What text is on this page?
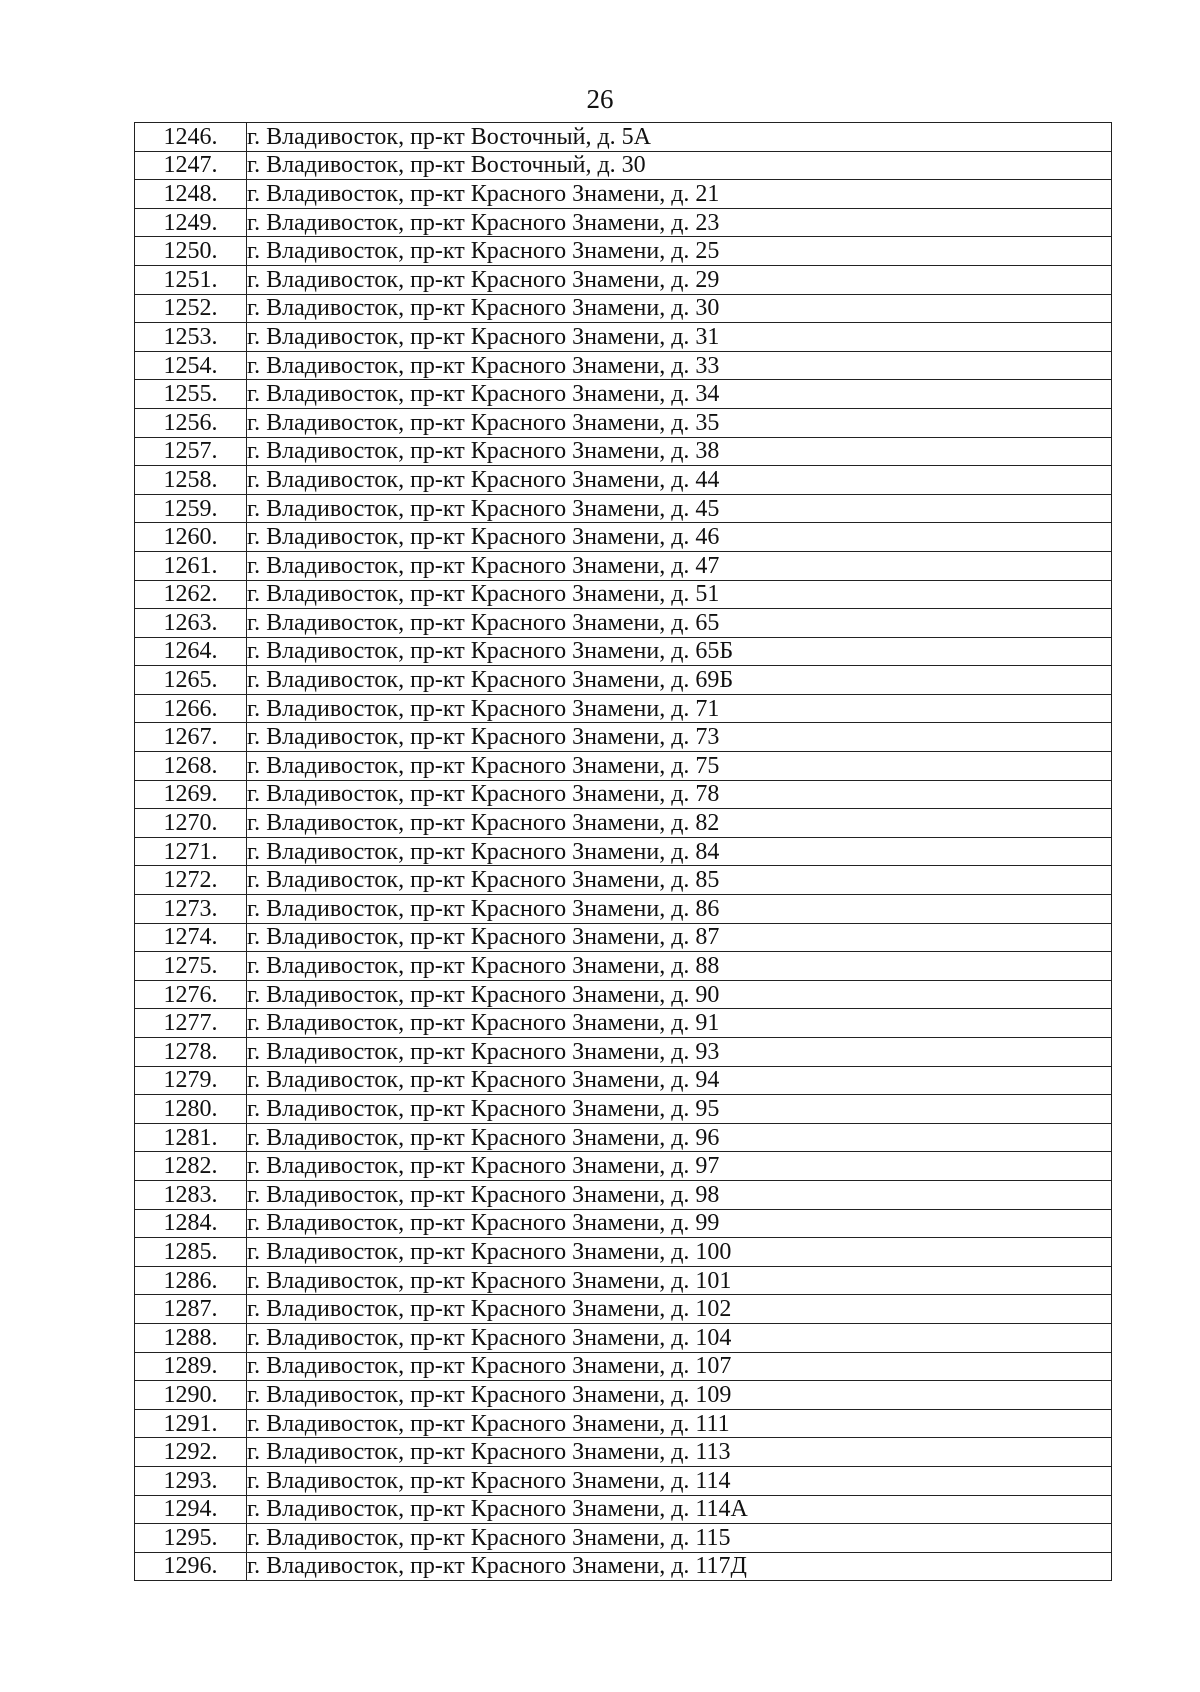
26
1246.	г. Владивосток, пр-кт Восточный, д. 5А
1247.	г. Владивосток, пр-кт Восточный, д. 30
1248.	г. Владивосток, пр-кт Красного Знамени, д. 21
1249.	г. Владивосток, пр-кт Красного Знамени, д. 23
1250.	г. Владивосток, пр-кт Красного Знамени, д. 25
1251.	г. Владивосток, пр-кт Красного Знамени, д. 29
1252.	г. Владивосток, пр-кт Красного Знамени, д. 30
1253.	г. Владивосток, пр-кт Красного Знамени, д. 31
1254.	г. Владивосток, пр-кт Красного Знамени, д. 33
1255.	г. Владивосток, пр-кт Красного Знамени, д. 34
1256.	г. Владивосток, пр-кт Красного Знамени, д. 35
1257.	г. Владивосток, пр-кт Красного Знамени, д. 38
1258.	г. Владивосток, пр-кт Красного Знамени, д. 44
1259.	г. Владивосток, пр-кт Красного Знамени, д. 45
1260.	г. Владивосток, пр-кт Красного Знамени, д. 46
1261.	г. Владивосток, пр-кт Красного Знамени, д. 47
1262.	г. Владивосток, пр-кт Красного Знамени, д. 51
1263.	г. Владивосток, пр-кт Красного Знамени, д. 65
1264.	г. Владивосток, пр-кт Красного Знамени, д. 65Б
1265.	г. Владивосток, пр-кт Красного Знамени, д. 69Б
1266.	г. Владивосток, пр-кт Красного Знамени, д. 71
1267.	г. Владивосток, пр-кт Красного Знамени, д. 73
1268.	г. Владивосток, пр-кт Красного Знамени, д. 75
1269.	г. Владивосток, пр-кт Красного Знамени, д. 78
1270.	г. Владивосток, пр-кт Красного Знамени, д. 82
1271.	г. Владивосток, пр-кт Красного Знамени, д. 84
1272.	г. Владивосток, пр-кт Красного Знамени, д. 85
1273.	г. Владивосток, пр-кт Красного Знамени, д. 86
1274.	г. Владивосток, пр-кт Красного Знамени, д. 87
1275.	г. Владивосток, пр-кт Красного Знамени, д. 88
1276.	г. Владивосток, пр-кт Красного Знамени, д. 90
1277.	г. Владивосток, пр-кт Красного Знамени, д. 91
1278.	г. Владивосток, пр-кт Красного Знамени, д. 93
1279.	г. Владивосток, пр-кт Красного Знамени, д. 94
1280.	г. Владивосток, пр-кт Красного Знамени, д. 95
1281.	г. Владивосток, пр-кт Красного Знамени, д. 96
1282.	г. Владивосток, пр-кт Красного Знамени, д. 97
1283.	г. Владивосток, пр-кт Красного Знамени, д. 98
1284.	г. Владивосток, пр-кт Красного Знамени, д. 99
1285.	г. Владивосток, пр-кт Красного Знамени, д. 100
1286.	г. Владивосток, пр-кт Красного Знамени, д. 101
1287.	г. Владивосток, пр-кт Красного Знамени, д. 102
1288.	г. Владивосток, пр-кт Красного Знамени, д. 104
1289.	г. Владивосток, пр-кт Красного Знамени, д. 107
1290.	г. Владивосток, пр-кт Красного Знамени, д. 109
1291.	г. Владивосток, пр-кт Красного Знамени, д. 111
1292.	г. Владивосток, пр-кт Красного Знамени, д. 113
1293.	г. Владивосток, пр-кт Красного Знамени, д. 114
1294.	г. Владивосток, пр-кт Красного Знамени, д. 114А
1295.	г. Владивосток, пр-кт Красного Знамени, д. 115
1296.	г. Владивосток, пр-кт Красного Знамени, д. 117Д
